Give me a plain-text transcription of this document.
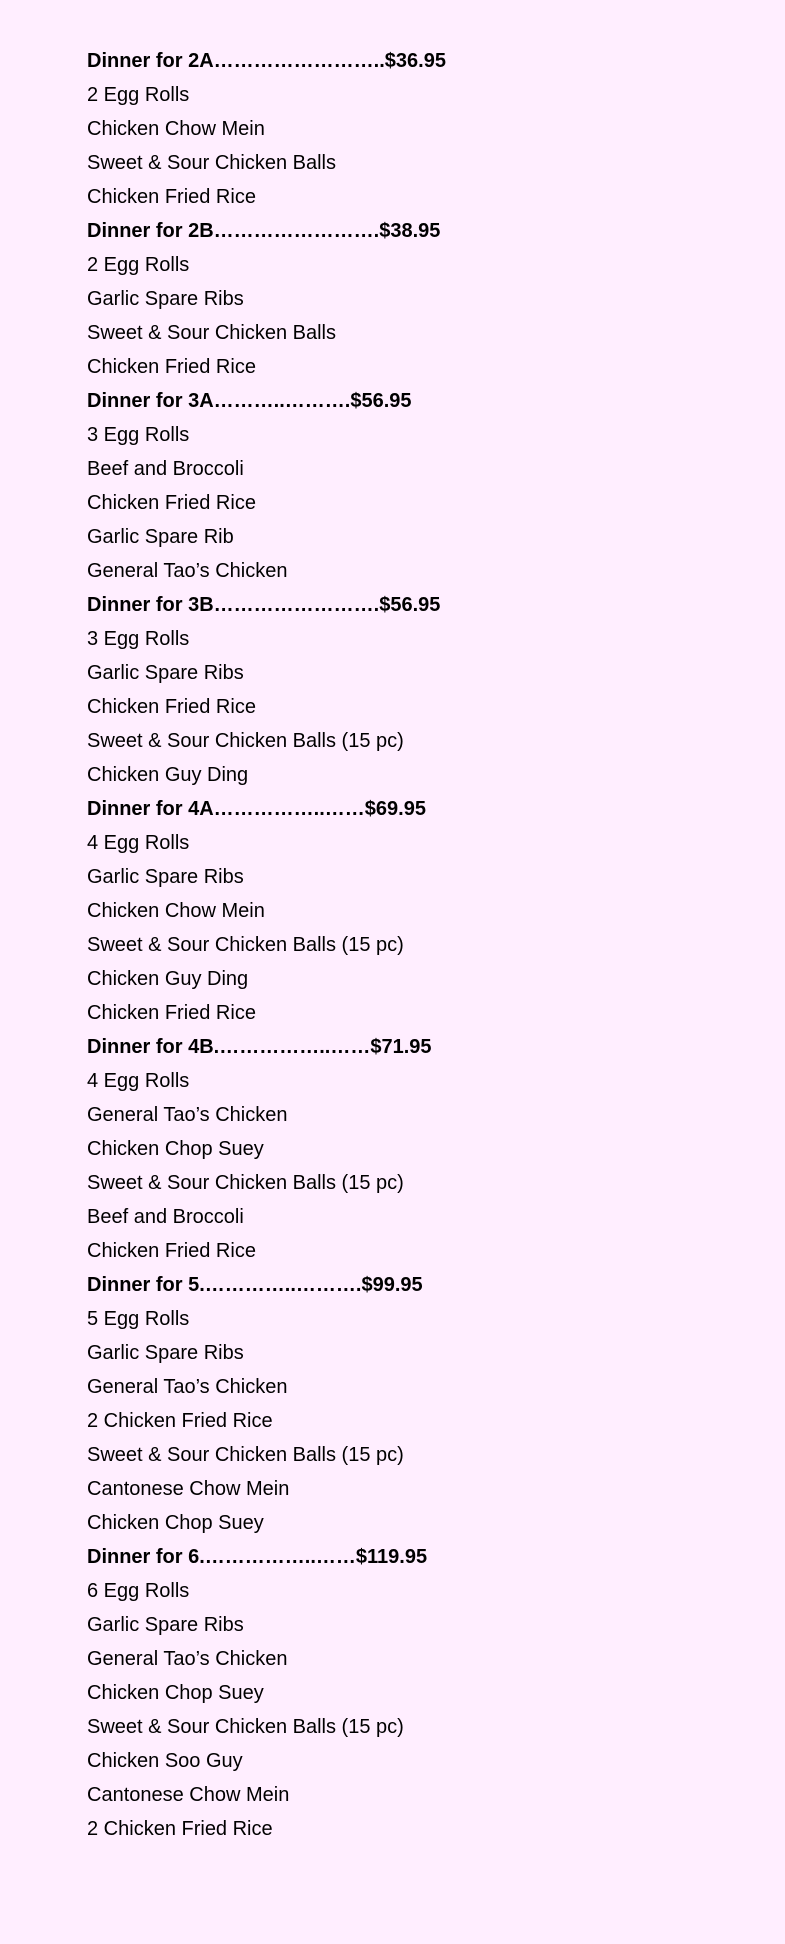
Dinner for 2A……………………..$36.95
2 Egg Rolls
Chicken Chow Mein
Sweet & Sour Chicken Balls
Chicken Fried Rice
Dinner for 2B…………………….$38.95
2 Egg Rolls
Garlic Spare Ribs
Sweet & Sour Chicken Balls
Chicken Fried Rice
Dinner for 3A………..……….$56.95
3 Egg Rolls
Beef and Broccoli
Chicken Fried Rice
Garlic Spare Rib
General Tao’s Chicken
Dinner for 3B…………………….$56.95
3 Egg Rolls
Garlic Spare Ribs
Chicken Fried Rice
Sweet & Sour Chicken Balls (15 pc)
Chicken Guy Ding
Dinner for 4A……………..……$69.95
4 Egg Rolls
Garlic Spare Ribs
Chicken Chow Mein
Sweet & Sour Chicken Balls (15 pc)
Chicken Guy Ding
Chicken Fried Rice
Dinner for 4B.……………..……$71.95
4 Egg Rolls
General Tao’s Chicken
Chicken Chop Suey
Sweet & Sour Chicken Balls (15 pc)
Beef and Broccoli
Chicken Fried Rice
Dinner for 5.…………..……….$99.95
5 Egg Rolls
Garlic Spare Ribs
General Tao’s Chicken
2 Chicken Fried Rice
Sweet & Sour Chicken Balls (15 pc)
Cantonese Chow Mein
Chicken Chop Suey
Dinner for 6.……………..……$119.95
6 Egg Rolls
Garlic Spare Ribs
General Tao’s Chicken
Chicken Chop Suey
Sweet & Sour Chicken Balls (15 pc)
Chicken Soo Guy
Cantonese Chow Mein
2 Chicken Fried Rice
